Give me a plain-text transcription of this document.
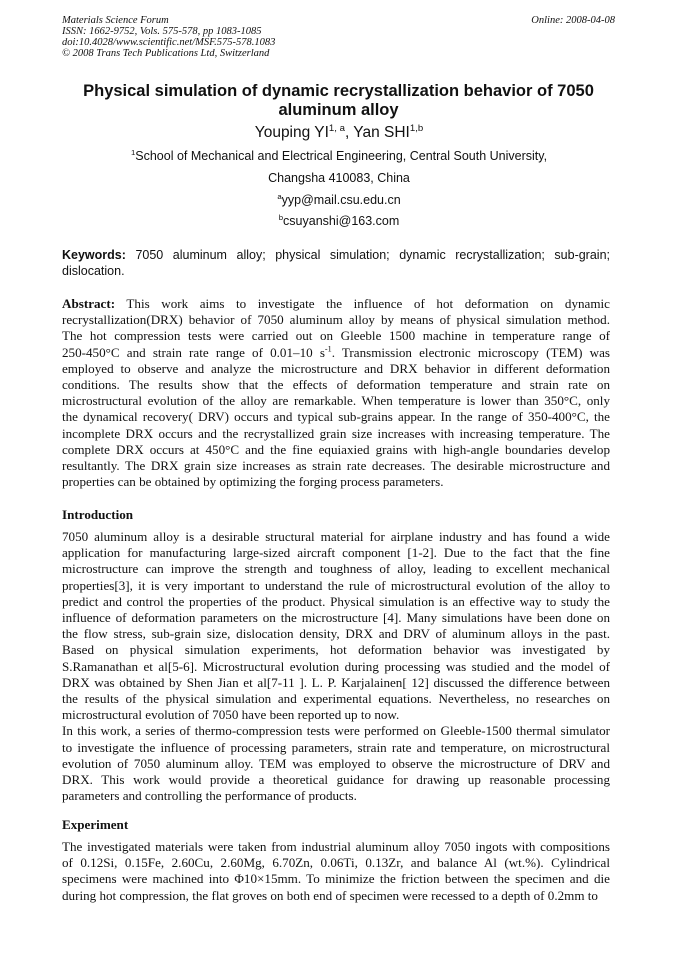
Materials Science Forum
ISSN: 1662-9752, Vols. 575-578, pp 1083-1085
doi:10.4028/www.scientific.net/MSF.575-578.1083
© 2008 Trans Tech Publications Ltd, Switzerland
Online: 2008-04-08
Physical simulation of dynamic recrystallization behavior of 7050
aluminum alloy
Youping YI$^{1, a}$, Yan SHI$^{1,b}$
$^1$School of Mechanical and Electrical Engineering, Central South University,
Changsha 410083, China
$^a$yyp@mail.csu.edu.cn
$^b$csuyanshi@163.com
Keywords: 7050 aluminum alloy; physical simulation; dynamic recrystallization; sub-grain;
dislocation.
Abstract: This work aims to investigate the influence of hot deformation on dynamic
recrystallization(DRX) behavior of 7050 aluminum alloy by means of physical simulation method.
The hot compression tests were carried out on Gleeble 1500 machine in temperature range of
250-450°C and strain rate range of 0.01–10 $s^{-1}$. Transmission electronic microscopy (TEM) was
employed to observe and analyze the microstructure and DRX behavior in different deformation
conditions. The results show that the effects of deformation temperature and strain rate on
microstructural evolution of the alloy are remarkable. When temperature is lower than 350°C, only
the dynamical recovery( DRV) occurs and typical sub-grains appear. In the range of 350-400°C, the
incomplete DRX occurs and the recrystallized grain size increases with increasing temperature. The
complete DRX occurs at 450°C and the fine equiaxied grains with high-angle boundaries develop
resultantly. The DRX grain size increases as strain rate decreases. The desirable microstructure and
properties can be obtained by optimizing the forging process parameters.
Introduction
7050 aluminum alloy is a desirable structural material for airplane industry and has found a wide
application for manufacturing large-sized aircraft component [1-2]. Due to the fact that the fine
microstructure can improve the strength and toughness of alloy, leading to excellent mechanical
properties[3], it is very important to understand the rule of microstructural evolution of the alloy to
predict and control the properties of the product. Physical simulation is an effective way to study the
influence of deformation parameters on the microstructure [4]. Many simulations have been done on
the flow stress, sub-grain size, dislocation density, DRX and DRV of aluminum alloys in the past.
Based on physical simulation experiments, hot deformation behavior was investigated by
S.Ramanathan et al[5-6]. Microstructural evolution during processing was studied and the model of
DRX was obtained by Shen Jian et al[7-11 ]. L. P. Karjalainen[ 12] discussed the difference between
the results of the physical simulation and experimental equations. Nevertheless, no researches on
microstructural evolution of 7050 have been reported up to now.
In this work, a series of thermo-compression tests were performed on Gleeble-1500 thermal simulator
to investigate the influence of processing parameters, strain rate and temperature, on microstructural
evolution of 7050 aluminum alloy. TEM was employed to observe the microstructure of DRV and
DRX. This work would provide a theoretical guidance for drawing up reasonable processing
parameters and controlling the performance of products.
Experiment
The investigated materials were taken from industrial aluminum alloy 7050 ingots with compositions
of 0.12Si, 0.15Fe, 2.60Cu, 2.60Mg, 6.70Zn, 0.06Ti, 0.13Zr, and balance Al (wt.%). Cylindrical
specimens were machined into Φ10×15mm. To minimize the friction between the specimen and die
during hot compression, the flat groves on both end of specimen were recessed to a depth of 0.2mm to
